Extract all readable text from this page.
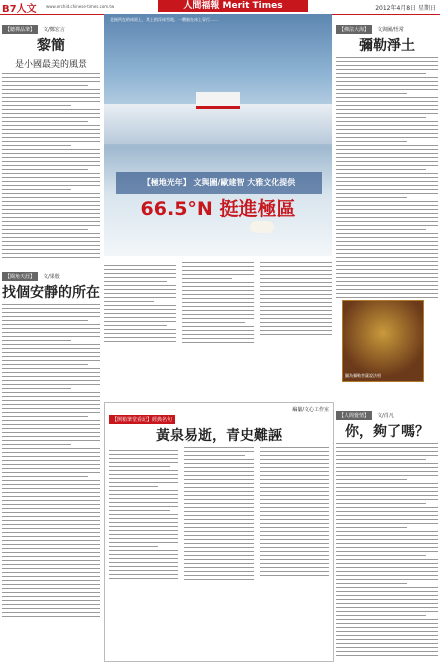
B7人文 www.erchid.chinese-times.com.tw	人間福報 Merit Times	2012年4月8日 星期日
【聽禪品筆】 文/鄭宏言
黎簡
是小國最美的風景
【閱角天涯】 文/果殷
找個安靜的所在
北極所在的冰原上，其上的浮冰雪地，一艘船在冰上穿行……
【極地光年】 文與圖/歐建智 大雅文化提供
66.5°N 挺進極區
【開箱筆堂看記】經典名句
編纂/文心工作室
黃泉易逝，青史難誣
【佛法大海】 文與圖/悟常
彌勒淨土
圖為彌勒菩薩說法相
【人間覺情】 文/肖凡
你，夠了嗎？
